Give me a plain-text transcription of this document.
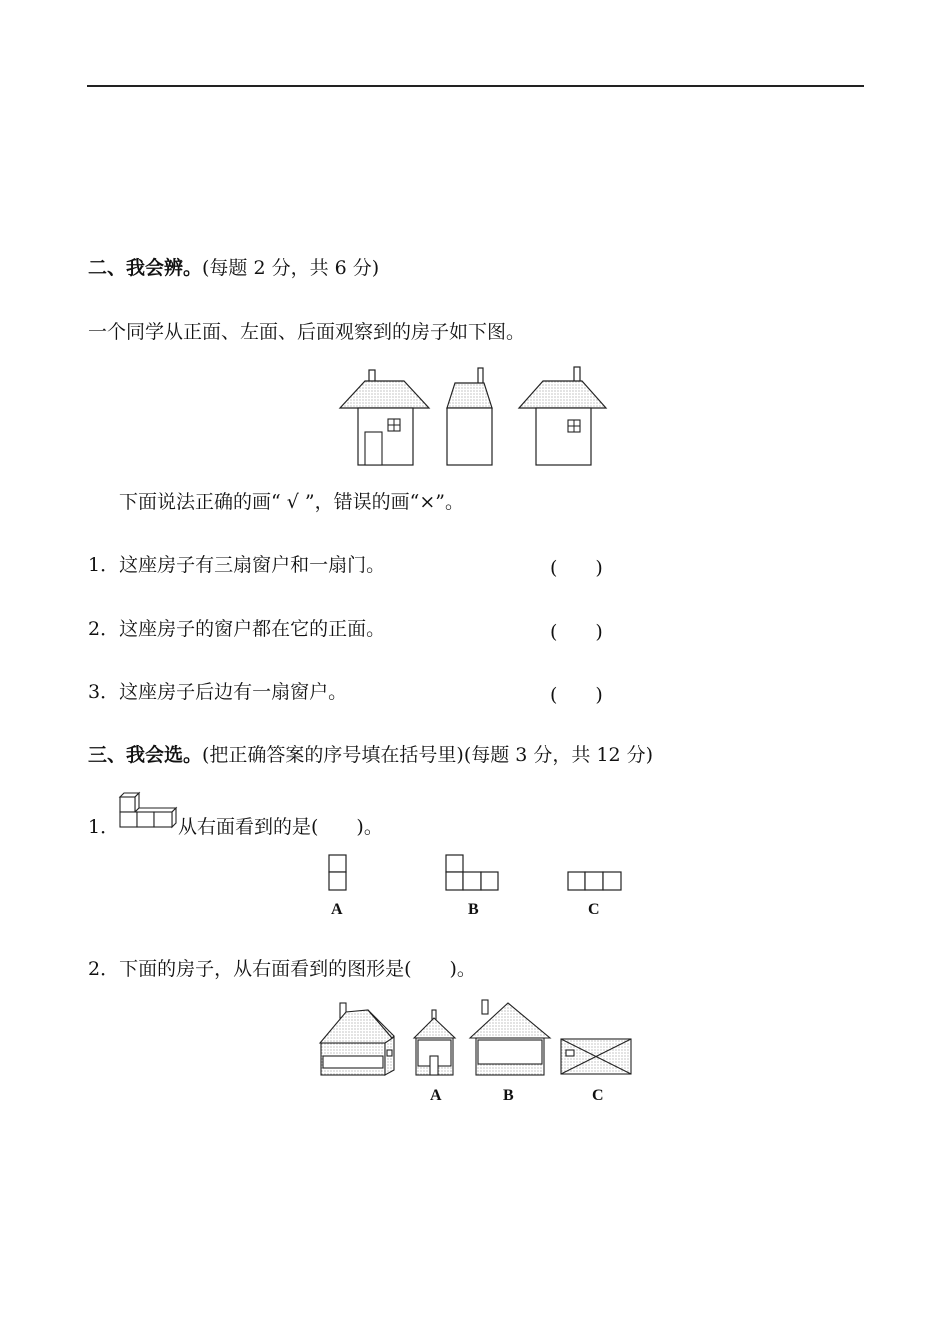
二、我会辨。(每题 2 分，共 6 分)
一个同学从正面、左面、后面观察到的房子如下图。
下面说法正确的画“ √ ”，错误的画“×”。
1．这座房子有三扇窗户和一扇门。	(　　)
2．这座房子的窗户都在它的正面。	(　　)
3．这座房子后边有一扇窗户。	(　　)
三、我会选。(把正确答案的序号填在括号里)(每题 3 分，共 12 分)
1．	从右面看到的是(　　)。
A	B	C
2．下面的房子，从右面看到的图形是(　　)。
A	B	C
